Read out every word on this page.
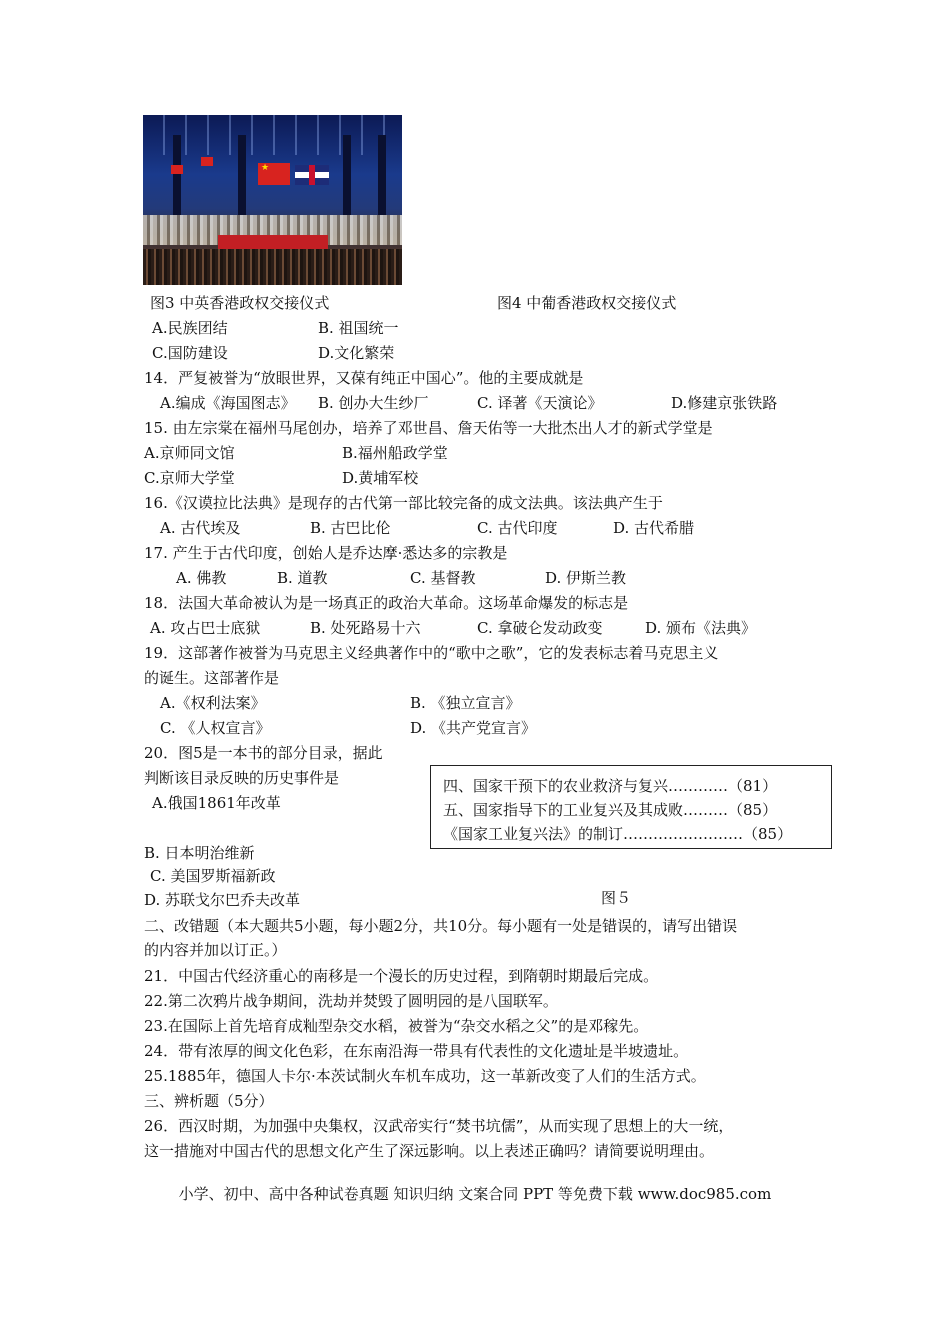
★
图3 中英香港政权交接仪式	图4 中葡香港政权交接仪式
A.民族团结	B. 祖国统一
C.国防建设	D.文化繁荣
14．严复被誉为“放眼世界，又葆有纯正中国心”。他的主要成就是
A.编成《海国图志》 B. 创办大生纱厂	C. 译著《天演论》	D.修建京张铁路
15. 由左宗棠在福州马尾创办，培养了邓世昌、詹天佑等一大批杰出人才的新式学堂是
A.京师同文馆	B.福州船政学堂
C.京师大学堂	D.黄埔军校
16.《汉谟拉比法典》是现存的古代第一部比较完备的成文法典。该法典产生于
A. 古代埃及	B. 古巴比伦	C. 古代印度	D. 古代希腊
17. 产生于古代印度，创始人是乔达摩·悉达多的宗教是
A. 佛教	B. 道教	C. 基督教	D. 伊斯兰教
18．法国大革命被认为是一场真正的政治大革命。这场革命爆发的标志是
A. 攻占巴士底狱	B. 处死路易十六	C. 拿破仑发动政变	D. 颁布《法典》
19．这部著作被誉为马克思主义经典著作中的“歌中之歌”，它的发表标志着马克思主义
的诞生。这部著作是
A.《权利法案》	B. 《独立宣言》
C. 《人权宣言》	D. 《共产党宣言》
20．图5是一本书的部分目录，据此
判断该目录反映的历史事件是
A.俄国1861年改革
四、国家干预下的农业救济与复兴…………（81）
五、国家指导下的工业复兴及其成败………（85）
《国家工业复兴法》的制订……………………（85）
B. 日本明治维新
C. 美国罗斯福新政
D. 苏联戈尔巴乔夫改革	图５
二、改错题（本大题共5小题，每小题2分，共10分。每小题有一处是错误的，请写出错误
的内容并加以订正。）
21．中国古代经济重心的南移是一个漫长的历史过程，到隋朝时期最后完成。
22.第二次鸦片战争期间，洗劫并焚毁了圆明园的是八国联军。
23.在国际上首先培育成籼型杂交水稻，被誉为“杂交水稻之父”的是邓稼先。
24．带有浓厚的闽文化色彩，在东南沿海一带具有代表性的文化遗址是半坡遗址。
25.1885年，德国人卡尔·本茨试制火车机车成功，这一革新改变了人们的生活方式。
三、辨析题（5分）
26．西汉时期，为加强中央集权，汉武帝实行“焚书坑儒”，从而实现了思想上的大一统，
这一措施对中国古代的思想文化产生了深远影响。以上表述正确吗？请简要说明理由。
小学、初中、高中各种试卷真题 知识归纳 文案合同 PPT 等免费下载 www.doc985.com
